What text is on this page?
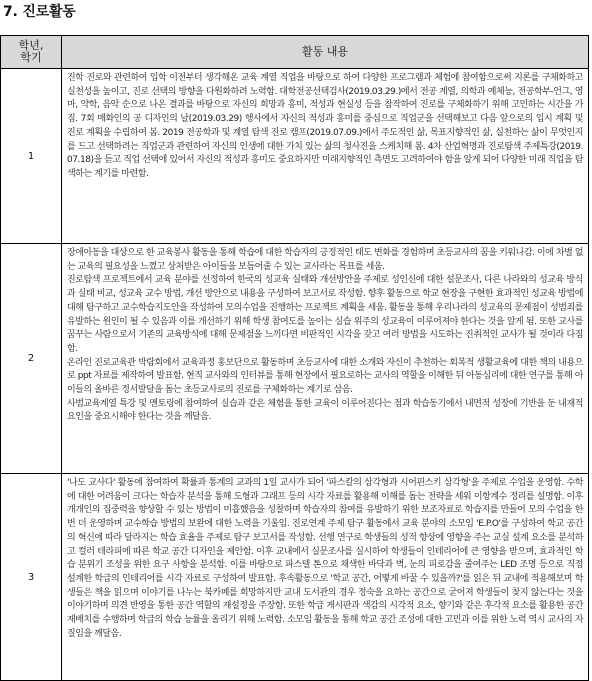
7. 진로활동
학년,
학기	활동 내용
1	진학 진로와 관련하여 입학 이전부터 생각해온 교육 계열 직업을 바탕으로 하여 다양한 프로그램과 체험에 참여함으로써 지론를 구체화하고 실천성을 높이고, 진로 선택의 방향을 다원화하려 노력함. 대학전공선택검사(2019.03.29.)에서 전공 계열, 의학과 예체능, 전공학부-언그, 영마, 약학, 음악 순으로 나온 결과를 바탕으로 자신의 희망과 흥미, 적성과 현실성 등을 참작하여 진로를 구체화하기 위해 고민하는 시간을 가짐. 7회 매화인의 공 디자인의 날(2019.03.29) 행사에서 자신의 적성과 흥미를 중심으로 직업군을 선택해보고 다음 앞으로의 입시 계획 및 진로 계획을 수립하여 봄. 2019 전공학과 및 계열 탐색 진로 캠프(2019.07.09.)에서 주도적인 삶, 목표지향적인 삶, 실천하는 삶이 무엇인지를 드고 선택하려는 직업군과 관련하여 자신의 인생에 대한 가치 있는 삶의 청사진을 스케치해 봄. 4차 산업혁명과 진로탐색 주제특강(2019.07.18)을 듣고 직업 선택에 있어서 자신의 적성과 흥미도 중요하지만 미래지향적인 측면도 고려하여야 함을 알게 되어 다양한 미래 직업을 탐색하는 계기를 마련함.

2	장애아동을 대상으로 한 교육봉사 활동을 통해 학습에 대한 학습자의 긍정적인 태도 변화를 경험하며 초등교사의 꿈을 키워나감. 이에 차별 없는 교육의 필요성을 느꼈고 상처받은 아이들을 보듬어줄 수 있는 교사라는 목표를 세움.

진로탐색 프로젝트에서 교육 분야를 선정하여 한국의 성교육 실태와 개선방안을 주제로 성인신에 대한 설문조사, 다른 나라와의 성교육 방식과 실태 비교, 성교육 교수 방법, 개선 방안으로 내용을 구성하여 보고서로 작성함. 향후 활동으로 학교 현장을 구현한 효과적인 성교육 방법에 대해 탐구하고 교수학습지도안을 작성하여 모의수업을 진행하는 프로젝트 계획을 세움. 활동을 통해 우리나라의 성교육의 문제점이 성범죄를 유발하는 원인이 될 수 있음과 이를 개선하기 위해 학생 참여도를 높이는 실습 위주의 성교육이 이루어져야 한다는 것을 알게 됨. 또한 교사를 꿈꾸는 사람으로서 기존의 교육방식에 대해 문제점을 느끼다면 비판적인 시각을 갖고 여러 방법을 시도하는 진취적인 교사가 될 것이라 다짐함.

온라인 진로교육관 박람회에서 교육과정 홍보단으로 활동하며 초등교사에 대한 소개와 자신이 추천하는 회복적 생활교육에 대한 책의 내용으로 ppt 자료를 제작하여 발표함. 현직 교사와의 인터뷰를 통해 현장에서 필요로하는 교사의 역할을 이해한 뒤 아동심리에 대한 연구를 통해 아이들의 올바른 정서발달을 돕는 초등교사로의 진로를 구체화하는 계기로 삼음.

사범교육계열 특강 및 멘토링에 참여하여 실습과 같은 체험을 통한 교육이 이루어진다는 점과 학습동기에서 내면적 성장에 기반을 둔 내재적 요인을 중요시해야 한다는 것을 깨달음.

3	'나도 교사다' 활동에 참여하여 확률과 통계의 교과의 1일 교사가 되어 '파스칼의 삼각형과 시어핀스키 삼각형'을 주제로 수업을 운영함. 수학에 대한 어려움이 크다는 학습자 분석을 통해 도형과 그래프 등의 시각 자료를 활용해 이해를 돕는 전략을 세워 이항계수 정리를 설명함. 이후 개개인의 집중력을 향상할 수 있는 방법이 미흡했음을 성찰하며 학습자의 참여를 유발하기 위한 보조자료로 학습지를 만들어 모의 수업을 한 번 더 운영하며 교수학습 방법의 보완에 대한 노력을 기울임. 진로연계 주제 탐구 활동에서 교육 분야의 소모임 'E.P.O'를 구성하여 학교 공간의 혁신에 따라 달라지는 학습 효율을 주제로 탐구 보고서를 작성함. 선행 연구로 학생들의 성적 향상에 영향을 주는 교실 설계 요소를 분석하고 컬러 테라피에 따른 학교 공간 디자인을 제안함. 이후 교내에서 실문조사를 실시하여 학생들이 인테리어에 큰 영향을 받으며, 효과적인 학습 분위기 조성을 위한 요구 사항을 분석함. 이를 바탕으로 파스텔 톤으로 채색한 바닥과 벽, 눈의 피로감을 줄여주는 LED 조명 등으로 직접 설계한 학급의 인테리어를 시각 자료로 구성하여 발표함. 후속활동으로 '학교 공간, 어떻게 바꿀 수 있을까?'를 읽은 뒤 교내에 적용해보며 학생들은 책을 읽으며 이야기를 나누는 북카페를 희망하지만 교내 도서관의 경우 정숙을 요하는 공간으로 굳어져 학생들이 찾지 않는다는 것을 이야기하며 의견 반영을 통한 공간 역할의 재설정을 주장함. 또한 학급 게시판과 색감의 시각적 요소, 향기와 같은 후각적 요소를 활용한 공간 재배치를 수행하며 학급의 학습 능률을 올리기 위해 노력함. 소모임 활동을 통해 학교 공간 조성에 대한 고민과 이를 위한 노력 역시 교사의 자질임을 깨달음.
